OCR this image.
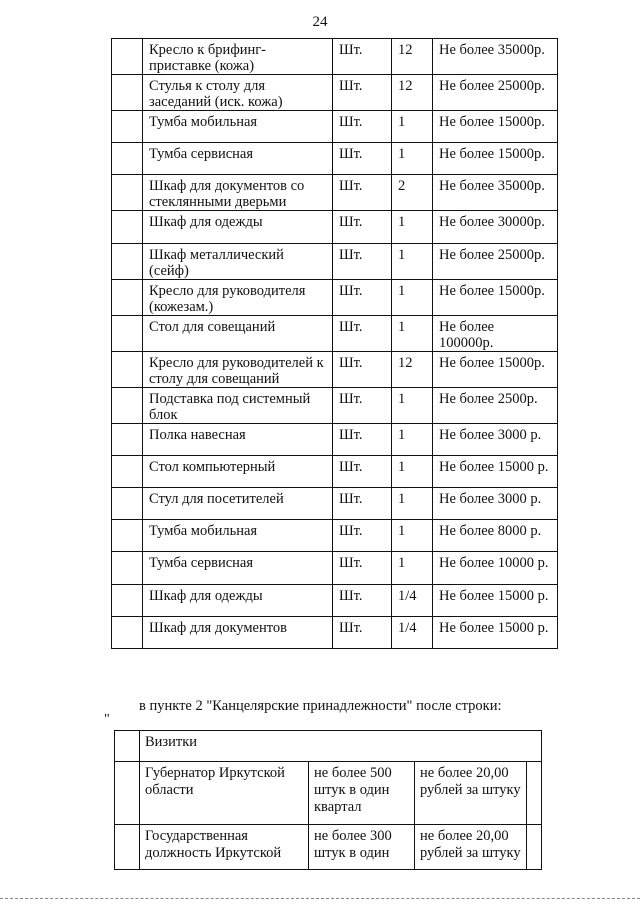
24
	Кресло к брифинг-приставке (кожа)	Шт.	12	Не более 35000р.
	Стулья к столу для заседаний (иск. кожа)	Шт.	12	Не более 25000р.
	Тумба мобильная	Шт.	1	Не более 15000р.
	Тумба сервисная	Шт.	1	Не более 15000р.
	Шкаф для документов со стеклянными дверьми	Шт.	2	Не более 35000р.
	Шкаф для одежды	Шт.	1	Не более 30000р.
	Шкаф металлический (сейф)	Шт.	1	Не более 25000р.
	Кресло для руководителя (кожезам.)	Шт.	1	Не более 15000р.
	Стол для совещаний	Шт.	1	Не более 100000р.
	Кресло для руководителей к столу для совещаний	Шт.	12	Не более 15000р.
	Подставка под системный блок	Шт.	1	Не более 2500р.
	Полка навесная	Шт.	1	Не более 3000 р.
	Стол компьютерный	Шт.	1	Не более 15000 р.
	Стул для посетителей	Шт.	1	Не более 3000 р.
	Тумба мобильная	Шт.	1	Не более 8000 р.
	Тумба сервисная	Шт.	1	Не более 10000 р.
	Шкаф для одежды	Шт.	1/4	Не более 15000 р.
	Шкаф для документов	Шт.	1/4	Не более 15000 р.
в пункте 2 "Канцелярские принадлежности" после строки:
"
	Визитки			
	Губернатор Иркутской области	не более 500 штук в один квартал	не более 20,00 рублей за штуку	
	Государственная должность Иркутской	не более 300 штук в один	не более 20,00 рублей за штуку	
